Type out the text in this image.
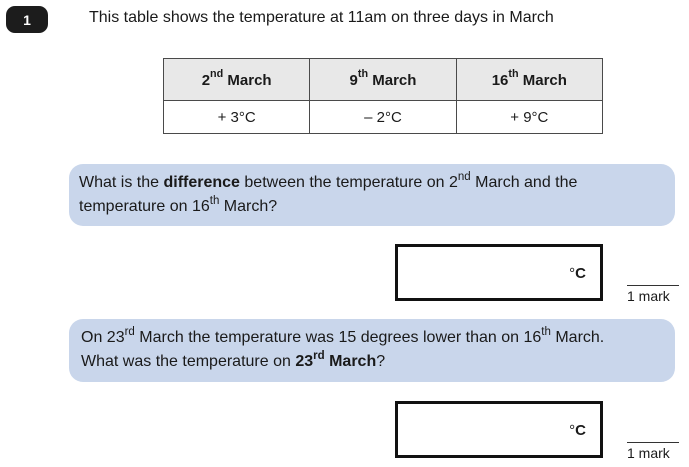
1	This table shows the temperature at 11am on three days in March
2nd March	9th March	16th March
+ 3°C	– 2°C	+ 9°C
What is the difference between the temperature on 2nd March and the
temperature on 16th March?
°C
1 mark
On 23rd March the temperature was 15 degrees lower than on 16th March.
What was the temperature on 23rd March?
°C
1 mark
